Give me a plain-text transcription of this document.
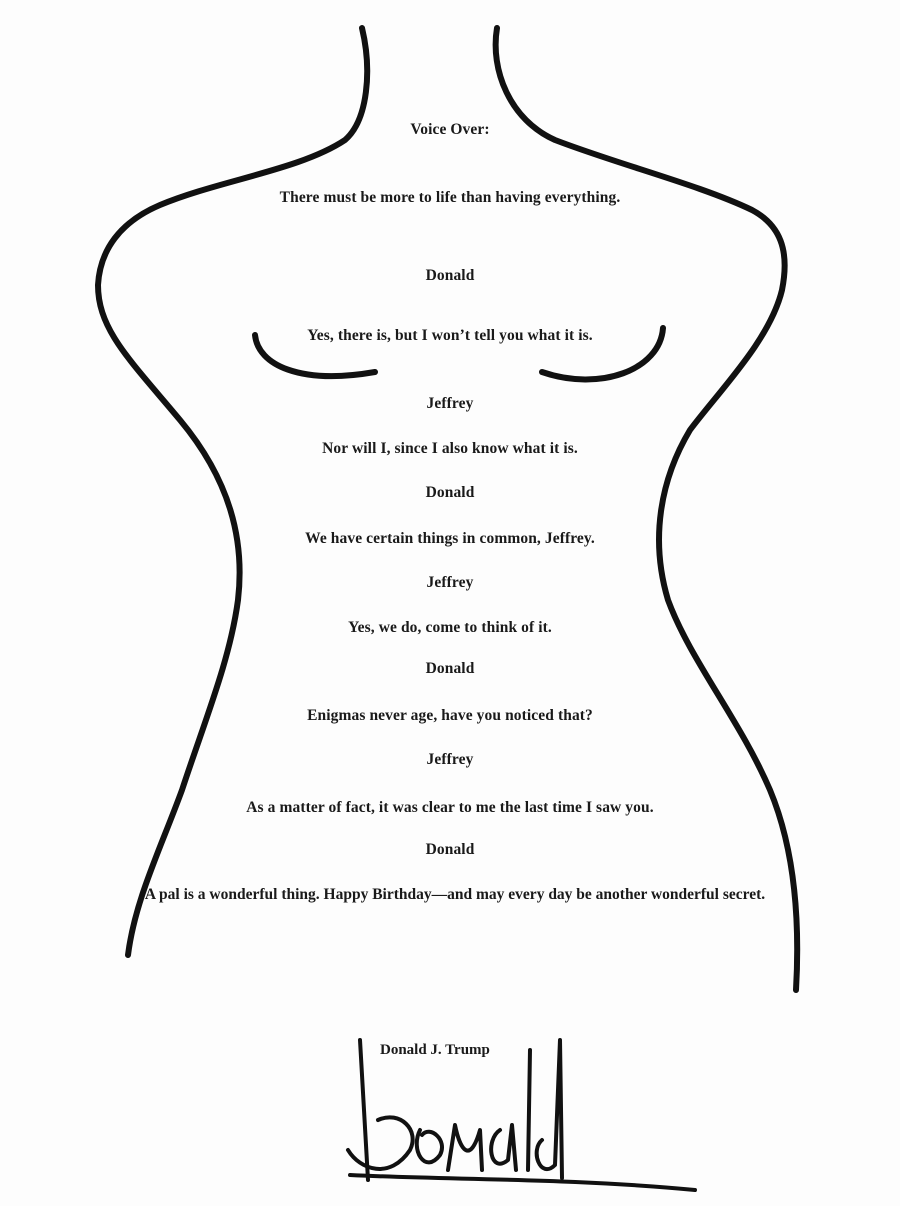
Voice Over:
There must be more to life than having everything.
Donald
Yes, there is, but I won’t tell you what it is.
Jeffrey
Nor will I, since I also know what it is.
Donald
We have certain things in common, Jeffrey.
Jeffrey
Yes, we do, come to think of it.
Donald
Enigmas never age, have you noticed that?
Jeffrey
As a matter of fact, it was clear to me the last time I saw you.
Donald
A pal is a wonderful thing. Happy Birthday—and may every day be another wonderful secret.
Donald J. Trump
